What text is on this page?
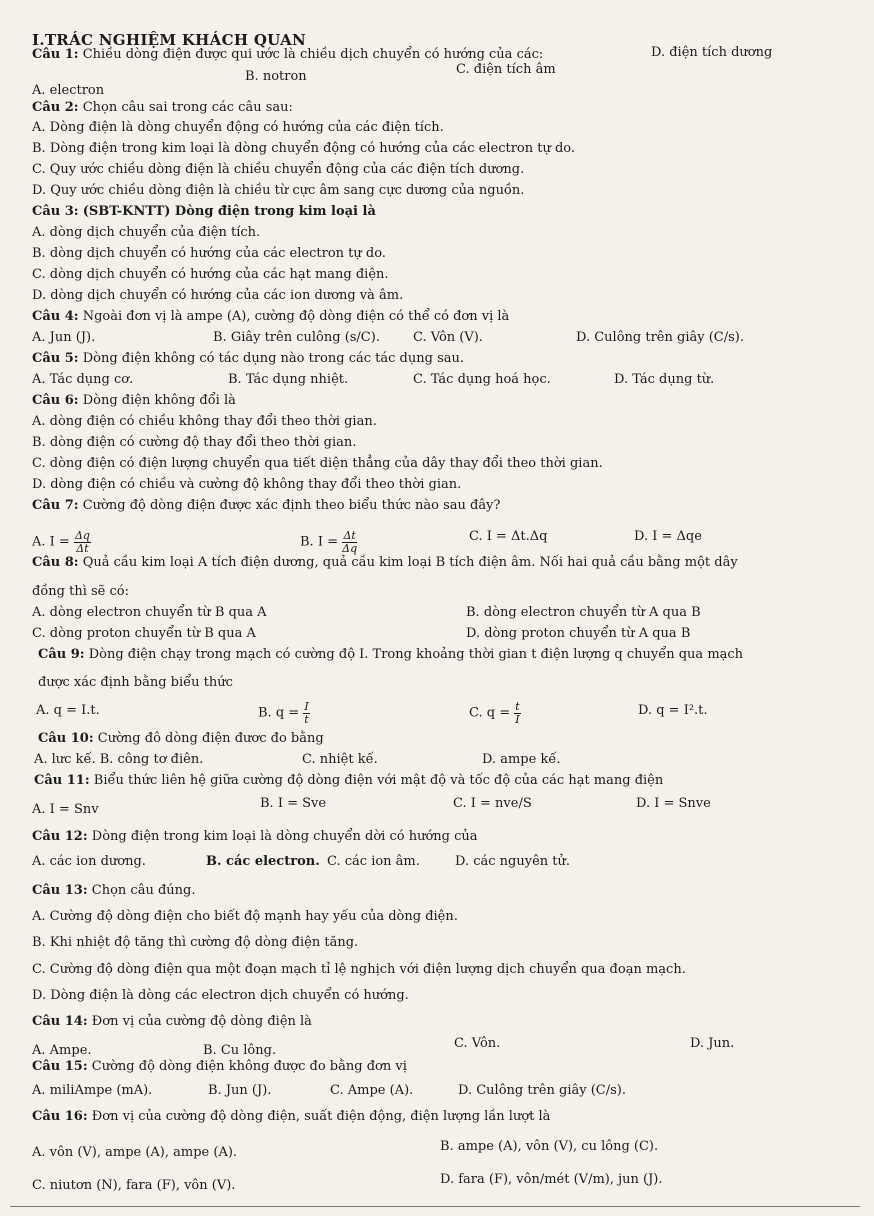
I.TRÁC NGHIỆM KHÁCH QUAN
Câu 1: Chiều dòng điện được qui ước là chiều dịch chuyển có hướng của các:	D. điện tích dương
A. electron
B. notron	C. điện tích âm
Câu 2: Chọn câu sai trong các câu sau:
A. Dòng điện là dòng chuyển động có hướng của các điện tích.
B. Dòng điện trong kim loại là dòng chuyển động có hướng của các electron tự do.
C. Quy ước chiều dòng điện là chiều chuyển động của các điện tích dương.
D. Quy ước chiều dòng điện là chiều từ cực âm sang cực dương của nguồn.
Câu 3: (SBT-KNTT) Dòng điện trong kim loại là
A. dòng dịch chuyển của điện tích.
B. dòng dịch chuyển có hướng của các electron tự do.
C. dòng dịch chuyển có hướng của các hạt mang điện.
D. dòng dịch chuyển có hướng của các ion dương và âm.
Câu 4: Ngoài đơn vị là ampe (A), cường độ dòng điện có thể có đơn vị là
A. Jun (J).	B. Giây trên culông (s/C).	C. Vôn (V).	D. Culông trên giây (C/s).
Câu 5: Dòng điện không có tác dụng nào trong các tác dụng sau.
A. Tác dụng cơ.	B. Tác dụng nhiệt.	C. Tác dụng hoá học.	D. Tác dụng từ.
Câu 6: Dòng điện không đổi là
A. dòng điện có chiều không thay đổi theo thời gian.
B. dòng điện có cường độ thay đổi theo thời gian.
C. dòng điện có điện lượng chuyển qua tiết diện thẳng của dây thay đổi theo thời gian.
D. dòng điện có chiều và cường độ không thay đổi theo thời gian.
Câu 7: Cường độ dòng điện được xác định theo biểu thức nào sau đây?
A. $I = \frac{\Delta q}{\Delta t}$	B. $I = \frac{\Delta t}{\Delta q}$	C. I = Δt.Δq	D. I = Δqe
Câu 8: Quả cầu kim loại A tích điện dương, quả cầu kim loại B tích điện âm. Nối hai quả cầu bằng một dây
đồng thì sẽ có:
A. dòng electron chuyển từ B qua A	B. dòng electron chuyển từ A qua B
C. dòng proton chuyển từ B qua A	D. dòng proton chuyển từ A qua B
Câu 9: Dòng điện chạy trong mạch có cường độ I. Trong khoảng thời gian t điện lượng q chuyển qua mạch
được xác định bằng biểu thức
A. q = I.t.	B. $q = \frac{I}{t}$	C. $q = \frac{t}{I}$	D. q = I².t.
Câu 10: Cường đô dòng điện đươc đo bằng
A. lưc kế. B. công tơ điên.	C. nhiệt kế.	D. ampe kế.
Câu 11: Biểu thức liên hệ giữa cường độ dòng điện với mật độ và tốc độ của các hạt mang điện
A. I = Snv	B. I = Sve	C. I = nve/S	D. I = Snve
Câu 12: Dòng điện trong kim loại là dòng chuyển dời có hướng của
A. các ion dương.	B. các electron. C. các ion âm.	D. các nguyên tử.
Câu 13: Chọn câu đúng.
A. Cường độ dòng điện cho biết độ mạnh hay yếu của dòng điện.
B. Khi nhiệt độ tăng thì cường độ dòng điện tăng.
C. Cường độ dòng điện qua một đoạn mạch tỉ lệ nghịch với điện lượng dịch chuyển qua đoạn mạch.
D. Dòng điện là dòng các electron dịch chuyển có hướng.
Câu 14: Đơn vị của cường độ dòng điện là
A. Ampe.	B. Cu lông.	C. Vôn.	D. Jun.
Câu 15: Cường độ dòng điện không được đo bằng đơn vị
A. miliAmpe (mA).	B. Jun (J).	C. Ampe (A).	D. Culông trên giây (C/s).
Câu 16: Đơn vị của cường độ dòng điện, suất điện động, điện lượng lần lượt là
A. vôn (V), ampe (A), ampe (A).	B. ampe (A), vôn (V), cu lông (C).
C. niutơn (N), fara (F), vôn (V).	D. fara (F), vôn/mét (V/m), jun (J).
